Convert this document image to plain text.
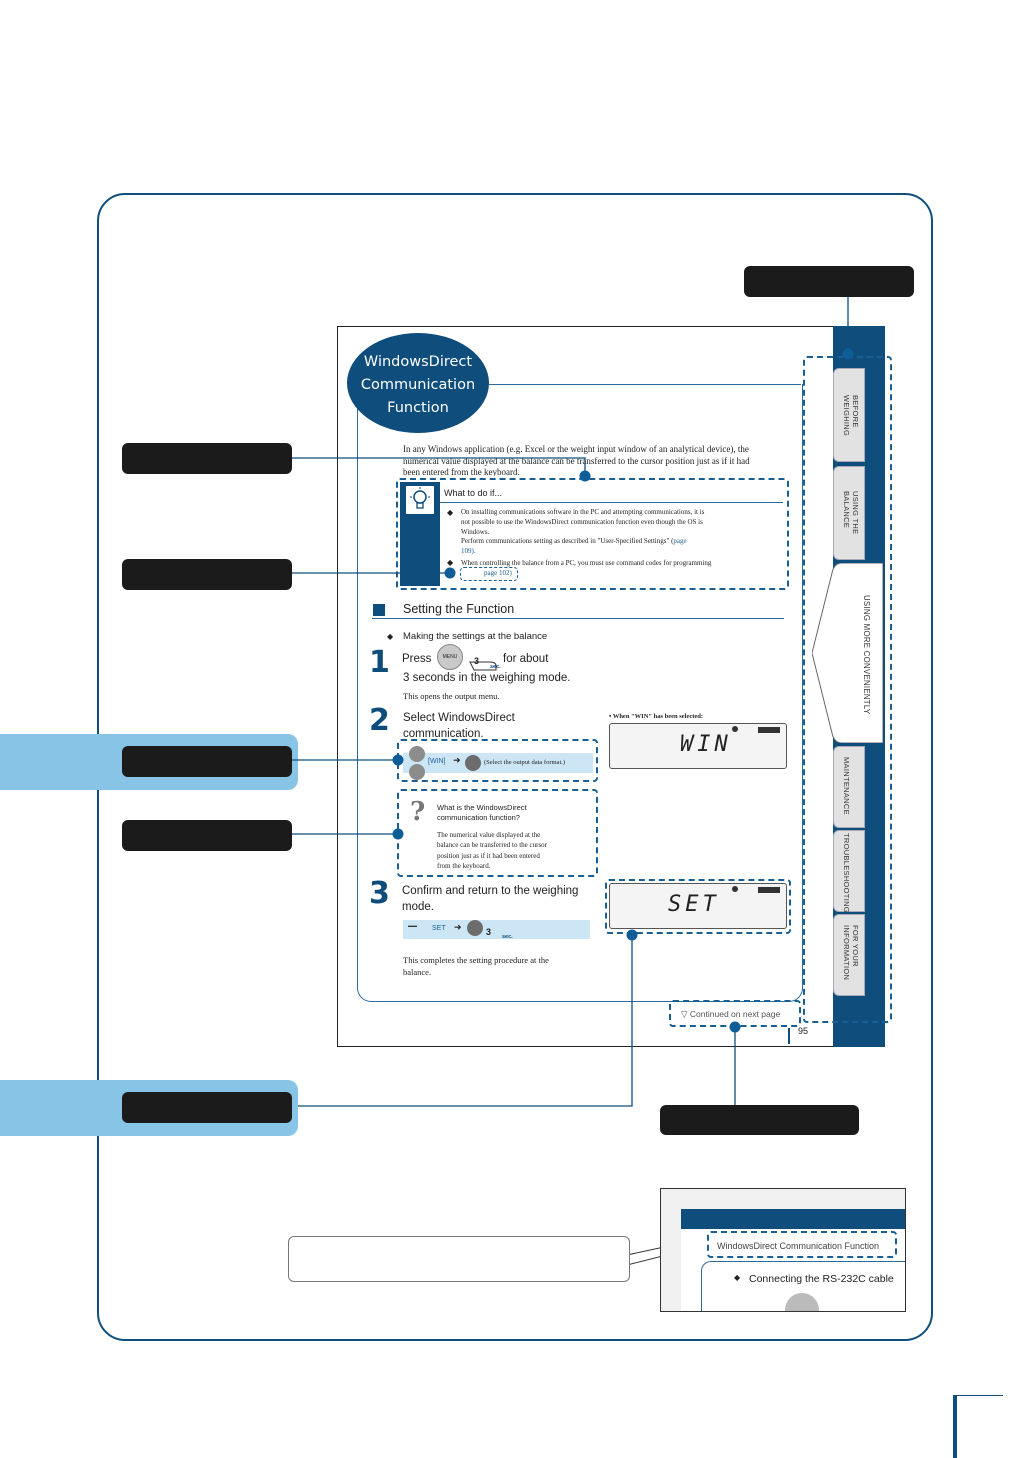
BEFORE WEIGHING
USING THE BALANCE
USING MORE CONVENIENTLY
MAINTENANCE
TROUBLESHOOTING
FOR YOUR INFORMATION
WindowsDirect
Communication
Function
In any Windows application (e.g. Excel or the weight input window of an analytical device), the
numerical value displayed at the balance can be transferred to the cursor position just as if it had
been entered from the keyboard.
What to do if...
◆ On installing communications software in the PC and attempting communications, it is
not possible to use the WindowsDirect communication function even though the OS is
Windows.
Perform communications setting as described in "User-Specified Settings" (page
109).
◆ When controlling the balance from a PC, you must use command codes for programming
page 102)
Setting the Function
◆ Making the settings at the balance
1 Press	MENU	3
sec.
for about
3 seconds in the weighing mode.
This opens the output menu.
2 Select WindowsDirect
communication.
[WIN] ➜	(Select the output data format.)
▪ When "WIN" has been selected:
WIN
? What is the WindowsDirect
communication function?
The numerical value displayed at the
balance can be transferred to the cursor
position just as if it had been entered
from the keyboard.
3 Confirm and return to the weighing
mode.
▬▬	SET ➜	3 sec.
SET
This completes the setting procedure at the
balance.
▽ Continued on next page
95
WindowsDirect Communication Function
◆ Connecting the RS-232C cable
